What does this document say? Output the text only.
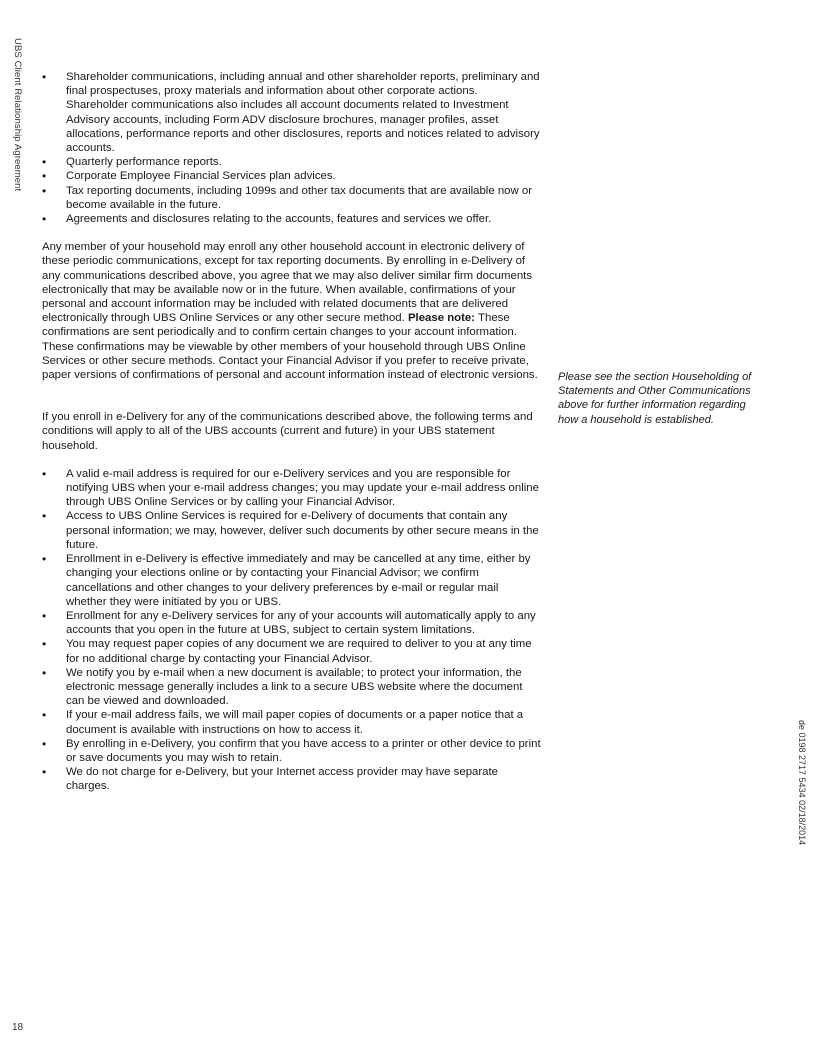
UBS Client Relationship Agreement
de 0198 2717 5434 02/18/2014
• Shareholder communications, including annual and other shareholder reports, preliminary and final prospectuses, proxy materials and information about other corporate actions. Shareholder communications also includes all account documents related to Investment Advisory accounts, including Form ADV disclosure brochures, manager profiles, asset allocations, performance reports and other disclosures, reports and notices related to advisory accounts.
• Quarterly performance reports.
• Corporate Employee Financial Services plan advices.
• Tax reporting documents, including 1099s and other tax documents that are available now or become available in the future.
• Agreements and disclosures relating to the accounts, features and services we offer.

Any member of your household may enroll any other household account in electronic delivery of these periodic communications, except for tax reporting documents. By enrolling in e-Delivery of any communications described above, you agree that we may also deliver similar firm documents electronically that may be available now or in the future. When available, confirmations of your personal and account information may be included with related documents that are delivered electronically through UBS Online Services or any other secure method. Please note: These confirmations are sent periodically and to confirm certain changes to your account information. These confirmations may be viewable by other members of your household through UBS Online Services or other secure methods. Contact your Financial Advisor if you prefer to receive private, paper versions of confirmations of personal and account information instead of electronic versions.

If you enroll in e-Delivery for any of the communications described above, the following terms and conditions will apply to all of the UBS accounts (current and future) in your UBS statement household.

• A valid e-mail address is required for our e-Delivery services and you are responsible for notifying UBS when your e-mail address changes; you may update your e-mail address online through UBS Online Services or by calling your Financial Advisor.
• Access to UBS Online Services is required for e-Delivery of documents that contain any personal information; we may, however, deliver such documents by other secure means in the future.
• Enrollment in e-Delivery is effective immediately and may be cancelled at any time, either by changing your elections online or by contacting your Financial Advisor; we confirm cancellations and other changes to your delivery preferences by e-mail or regular mail whether they were initiated by you or UBS.
• Enrollment for any e-Delivery services for any of your accounts will automatically apply to any accounts that you open in the future at UBS, subject to certain system limitations.
• You may request paper copies of any document we are required to deliver to you at any time for no additional charge by contacting your Financial Advisor.
• We notify you by e-mail when a new document is available; to protect your information, the electronic message generally includes a link to a secure UBS website where the document can be viewed and downloaded.
• If your e-mail address fails, we will mail paper copies of documents or a paper notice that a document is available with instructions on how to access it.
• By enrolling in e-Delivery, you confirm that you have access to a printer or other device to print or save documents you may wish to retain.
• We do not charge for e-Delivery, but your Internet access provider may have separate charges.
Please see the section Householding of Statements and Other Communications above for further information regarding how a household is established.
18
